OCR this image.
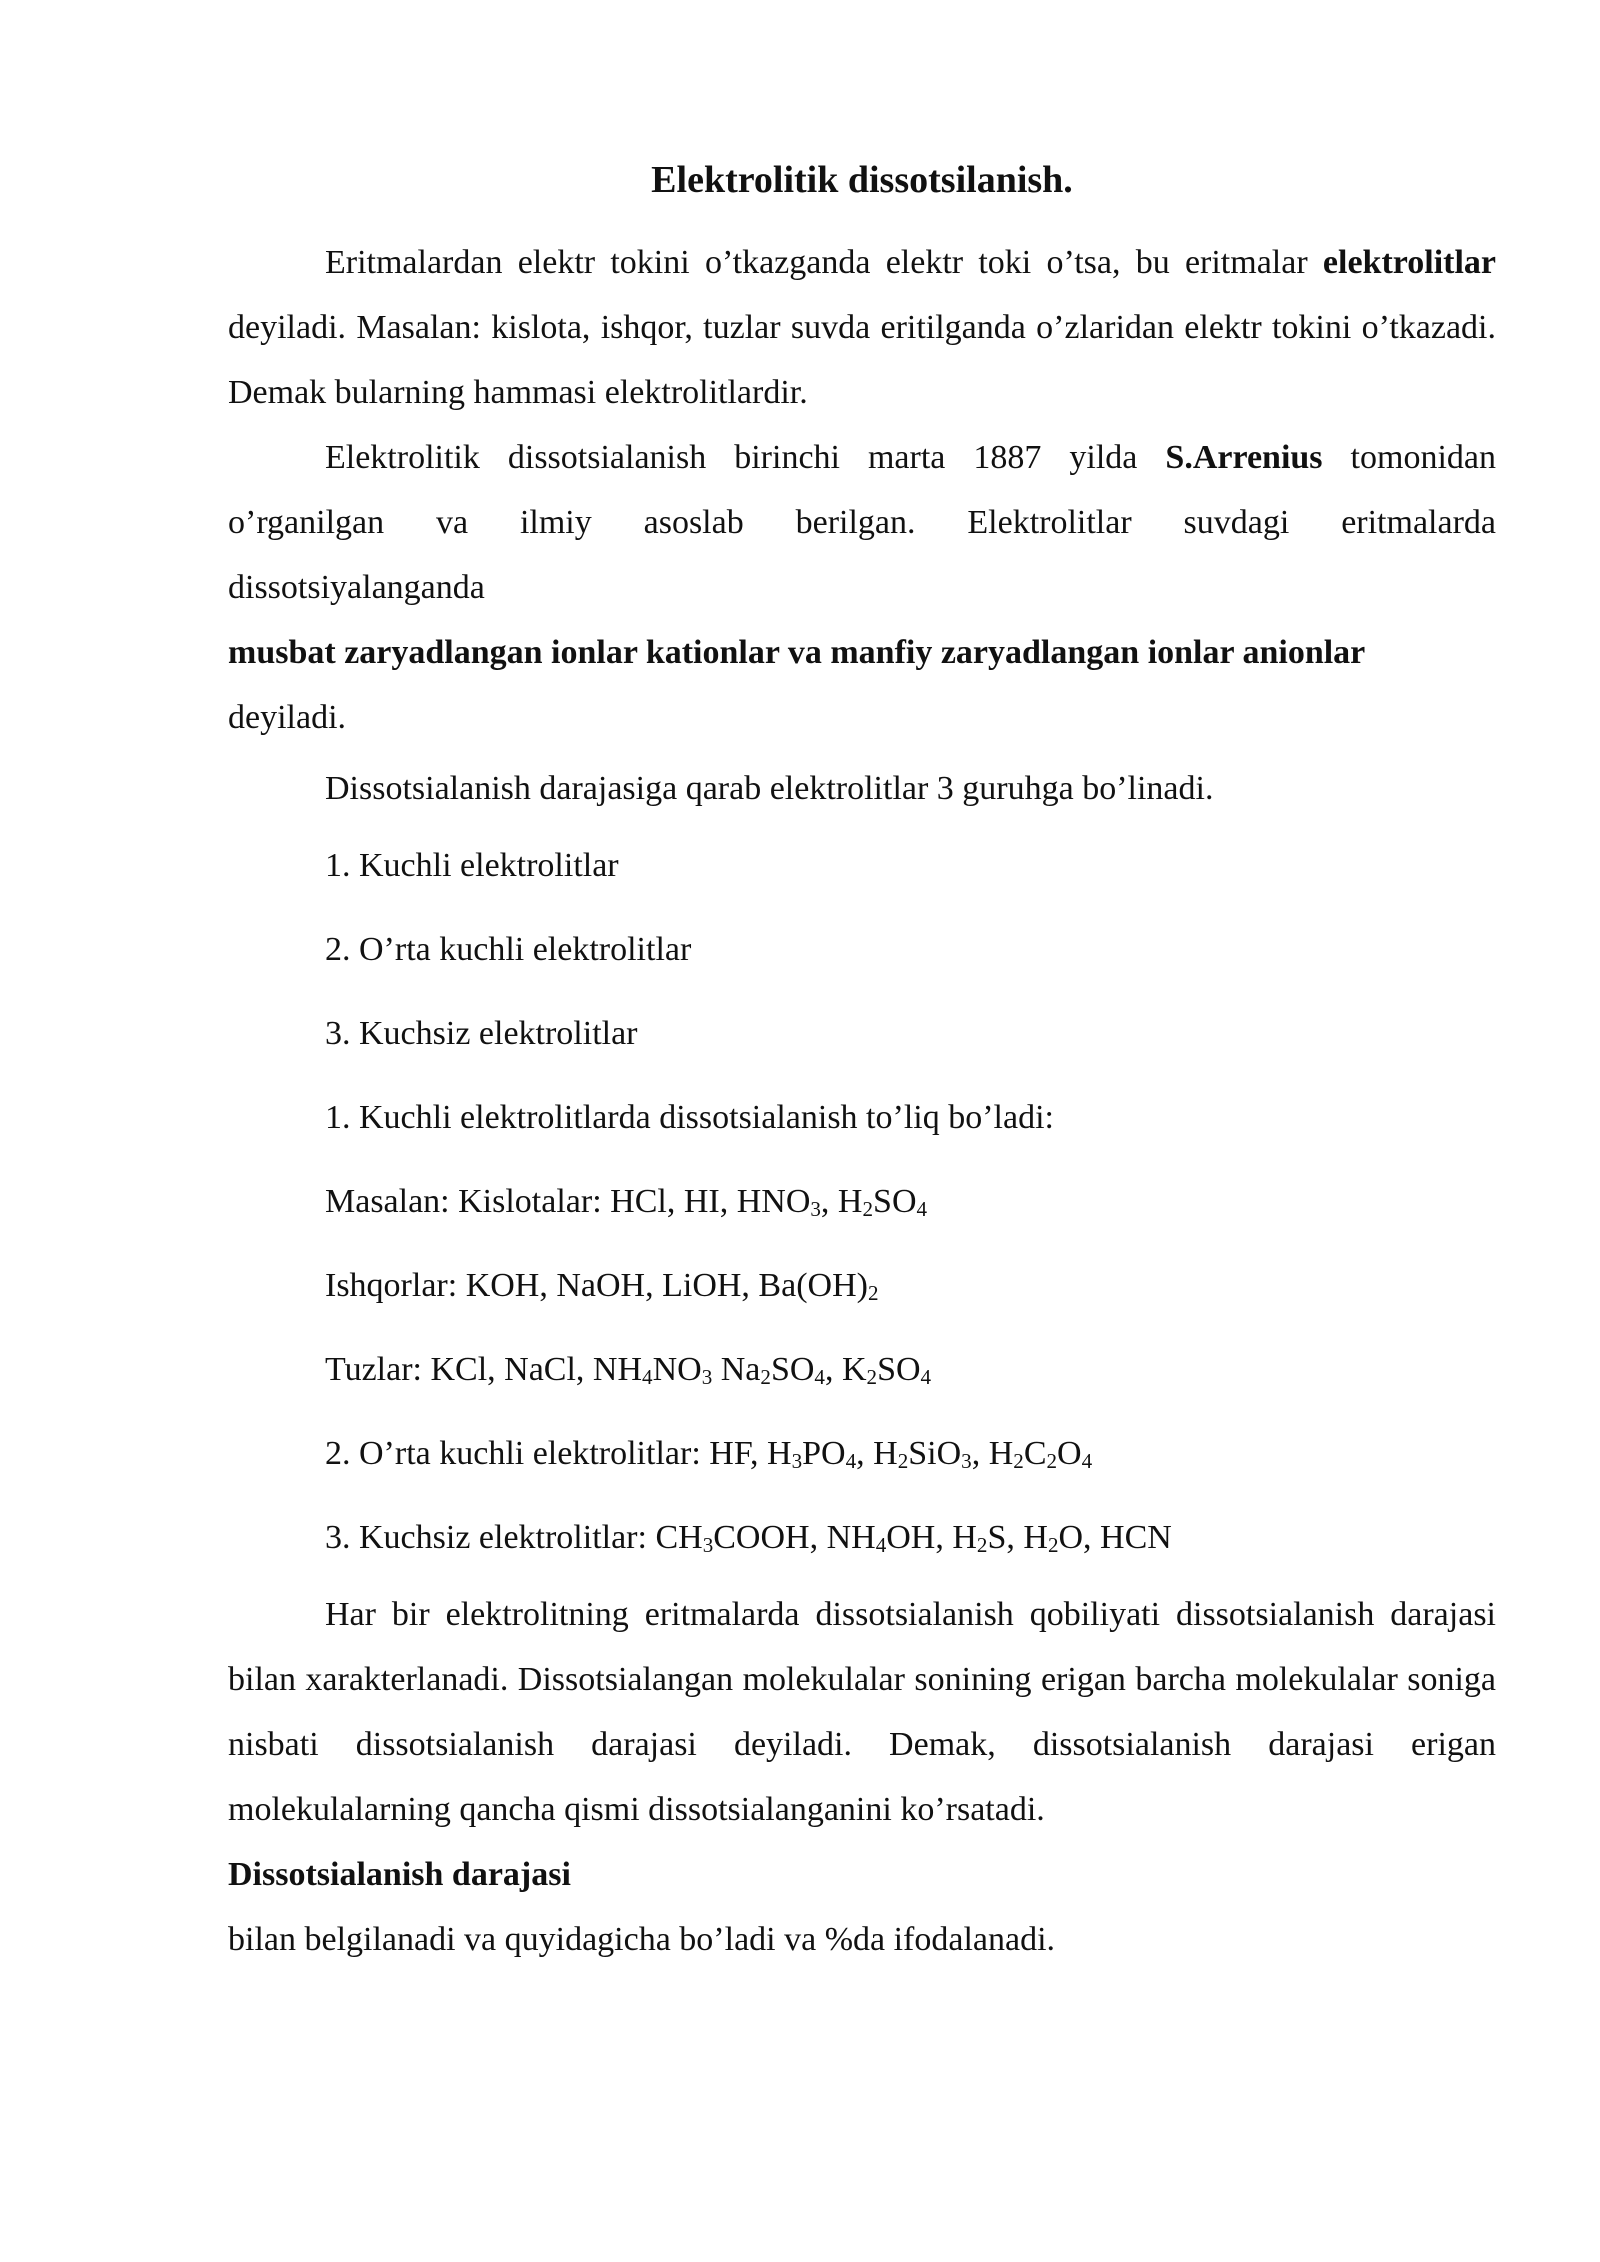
Elektrolitik dissotsilanish.

Eritmalardan elektr tokini o’tkazganda elektr toki o’tsa, bu eritmalar elektrolitlar deyiladi. Masalan: kislota, ishqor, tuzlar suvda eritilganda o’zlaridan elektr tokini o’tkazadi. Demak bularning hammasi elektrolitlardir.

Elektrolitik dissotsialanish birinchi marta 1887 yilda S.Arrenius tomonidan o’rganilgan va ilmiy asoslab berilgan. Elektrolitlar suvdagi eritmalarda

dissotsiyalanganda

musbat zaryadlangan ionlar kationlar va manfiy zaryadlangan ionlar anionlar

deyiladi.

Dissotsialanish darajasiga qarab elektrolitlar 3 guruhga bo’linadi.

1. Kuchli elektrolitlar

2. O’rta kuchli elektrolitlar

3. Kuchsiz elektrolitlar

1. Kuchli elektrolitlarda dissotsialanish to’liq bo’ladi:

Masalan: Kislotalar: HCl, HI, $HNO_3$, $H_2SO_4$

Ishqorlar: KOH, NaOH, LiOH, $Ba(OH)_2$

Tuzlar: KCl, NaCl, $NH_4NO_3$ $Na_2SO_4$, $K_2SO_4$

2. O’rta kuchli elektrolitlar: HF, $H_3PO_4$, $H_2SiO_3$, $H_2C_2O_4$

3. Kuchsiz elektrolitlar: $CH_3COOH$, $NH_4OH$, $H_2S$, $H_2O$, HCN

Har bir elektrolitning eritmalarda dissotsialanish qobiliyati dissotsialanish darajasi bilan xarakterlanadi. Dissotsialangan molekulalar sonining erigan barcha molekulalar soniga nisbati dissotsialanish darajasi deyiladi. Demak, dissotsialanish darajasi erigan molekulalarning qancha qismi dissotsialanganini ko’rsatadi.

Dissotsialanish darajasi

bilan belgilanadi va quyidagicha bo’ladi va %da ifodalanadi.
